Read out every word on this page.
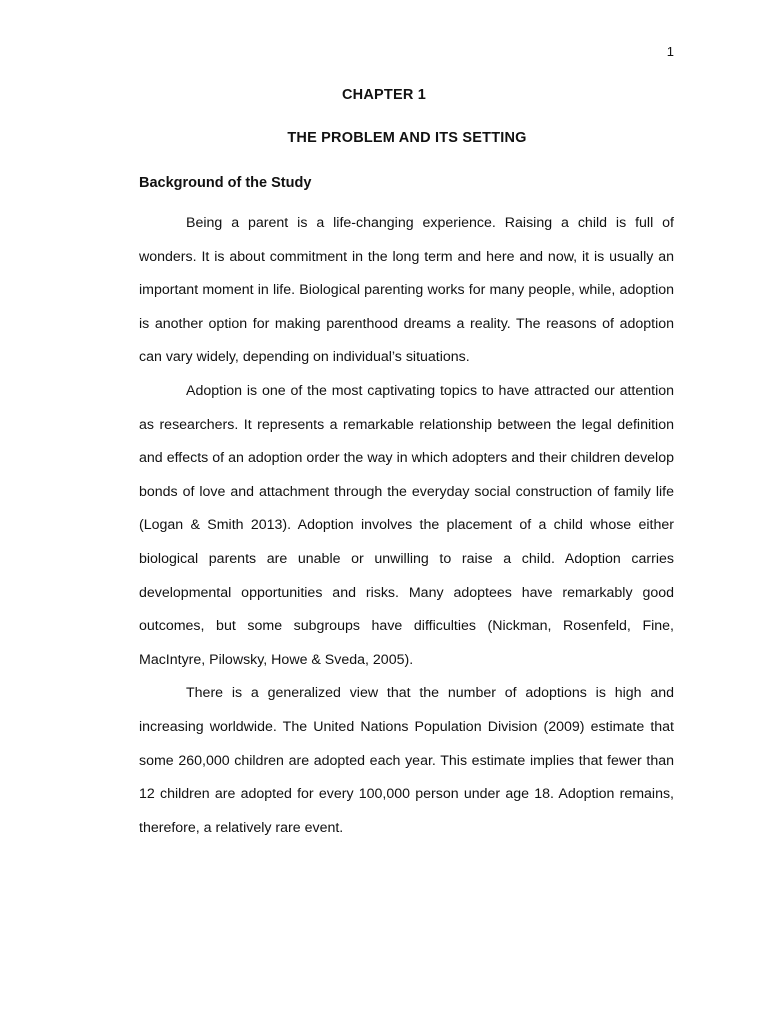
1
CHAPTER 1
THE PROBLEM AND ITS SETTING
Background of the Study

Being a parent is a life-changing experience. Raising a child is full of wonders. It is about commitment in the long term and here and now, it is usually an important moment in life. Biological parenting works for many people, while, adoption is another option for making parenthood dreams a reality. The reasons of adoption can vary widely, depending on individual’s situations.

Adoption is one of the most captivating topics to have attracted our attention as researchers. It represents a remarkable relationship between the legal definition and effects of an adoption order the way in which adopters and their children develop bonds of love and attachment through the everyday social construction of family life (Logan & Smith 2013). Adoption involves the placement of a child whose either biological parents are unable or unwilling to raise a child. Adoption carries developmental opportunities and risks. Many adoptees have remarkably good outcomes, but some subgroups have difficulties (Nickman, Rosenfeld, Fine, MacIntyre, Pilowsky, Howe & Sveda, 2005).

There is a generalized view that the number of adoptions is high and increasing worldwide. The United Nations Population Division (2009) estimate that some 260,000 children are adopted each year. This estimate implies that fewer than 12 children are adopted for every 100,000 person under age 18. Adoption remains, therefore, a relatively rare event.
